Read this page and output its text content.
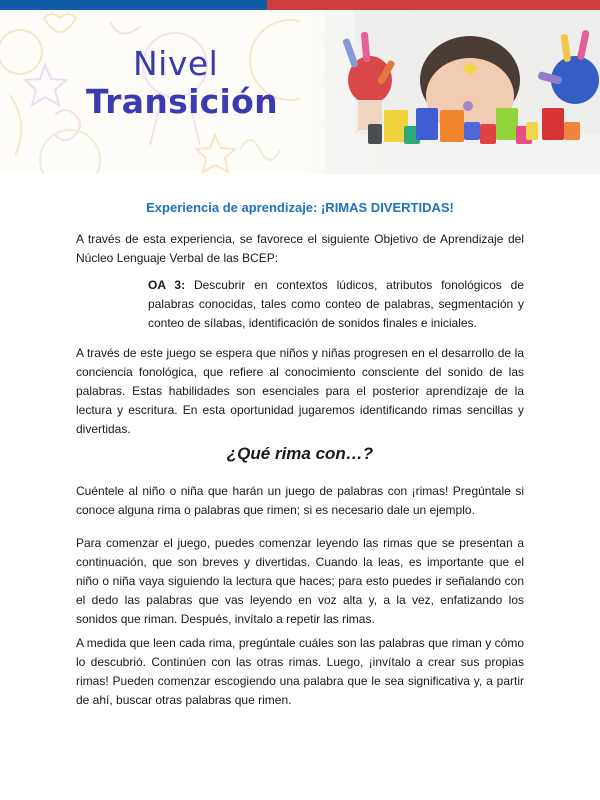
Nivel
Transición
Experiencia de aprendizaje: ¡RIMAS DIVERTIDAS!

A través de esta experiencia, se favorece el siguiente Objetivo de Aprendizaje del Núcleo Lenguaje Verbal de las BCEP:

OA 3: Descubrir en contextos lúdicos, atributos fonológicos de palabras conocidas, tales como conteo de palabras, segmentación y conteo de sílabas, identificación de sonidos finales e iniciales.

A través de este juego se espera que niños y niñas progresen en el desarrollo de la conciencia fonológica, que refiere al conocimiento consciente del sonido de las palabras. Estas habilidades son esenciales para el posterior aprendizaje de la lectura y escritura. En esta oportunidad jugaremos identificando rimas sencillas y divertidas.

¿Qué rima con…?

Cuéntele al niño o niña que harán un juego de palabras con ¡rimas! Pregúntale si conoce alguna rima o palabras que rimen; si es necesario dale un ejemplo.

Para comenzar el juego, puedes comenzar leyendo las rimas que se presentan a continuación, que son breves y divertidas. Cuando la leas, es importante que el niño o niña vaya siguiendo la lectura que haces; para esto puedes ir señalando con el dedo las palabras que vas leyendo en voz alta y, a la vez, enfatizando los sonidos que riman. Después, invítalo a repetir las rimas.

A medida que leen cada rima, pregúntale cuáles son las palabras que riman y cómo lo descubrió. Continúen con las otras rimas. Luego, ¡invítalo a crear sus propias rimas! Pueden comenzar escogiendo una palabra que le sea significativa y, a partir de ahí, buscar otras palabras que rimen.
